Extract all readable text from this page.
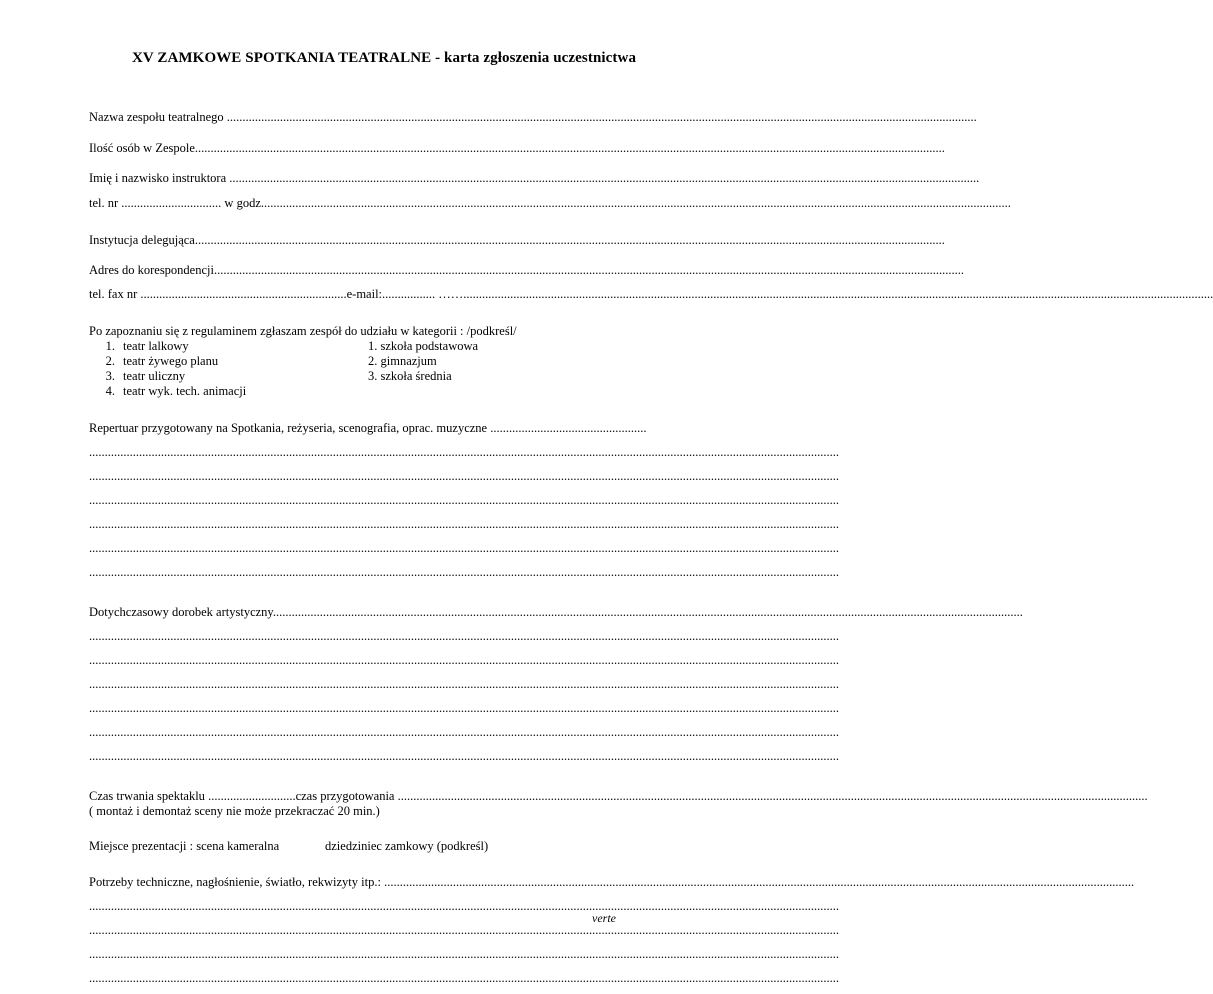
XV ZAMKOWE SPOTKANIA TEATRALNE - karta zgłoszenia uczestnictwa
Nazwa zespołu teatralnego ................................................................................................................................................................................................................................................
Ilość osób w Zespole................................................................................................................................................................................................................................................
Imię i nazwisko instruktora ................................................................................................................................................................................................................................................
tel. nr ................................ w godz................................................................................................................................................................................................................................................
Instytucja delegująca................................................................................................................................................................................................................................................
Adres do korespondencji................................................................................................................................................................................................................................................
tel. fax nr ..................................................................e-mail:................. ……................................................................................................................................................................................................................................................
Po zapoznaniu się z regulaminem zgłaszam zespół do udziału w kategorii : /podkreśl/
1. teatr lalkowy
2. teatr żywego planu
3. teatr uliczny
4. teatr wyk. tech. animacji
1. szkoła podstawowa
2. gimnazjum
3. szkoła średnia
Repertuar przygotowany na Spotkania, reżyseria, scenografia, oprac. muzyczne ..................................................
................................................................................................................................................................................................................................................
................................................................................................................................................................................................................................................
................................................................................................................................................................................................................................................
................................................................................................................................................................................................................................................
................................................................................................................................................................................................................................................
................................................................................................................................................................................................................................................
Dotychczasowy dorobek artystyczny................................................................................................................................................................................................................................................
................................................................................................................................................................................................................................................
................................................................................................................................................................................................................................................
................................................................................................................................................................................................................................................
................................................................................................................................................................................................................................................
................................................................................................................................................................................................................................................
................................................................................................................................................................................................................................................
Czas trwania spektaklu ............................czas przygotowania ................................................................................................................................................................................................................................................
( montaż i demontaż sceny nie może przekraczać 20 min.)
Miejsce prezentacji : scena kameralna	dziedziniec zamkowy (podkreśl)
Potrzeby techniczne, nagłośnienie, światło, rekwizyty itp.: ................................................................................................................................................................................................................................................
................................................................................................................................................................................................................................................
................................................................................................................................................................................................................................................
................................................................................................................................................................................................................................................
................................................................................................................................................................................................................................................
verte
